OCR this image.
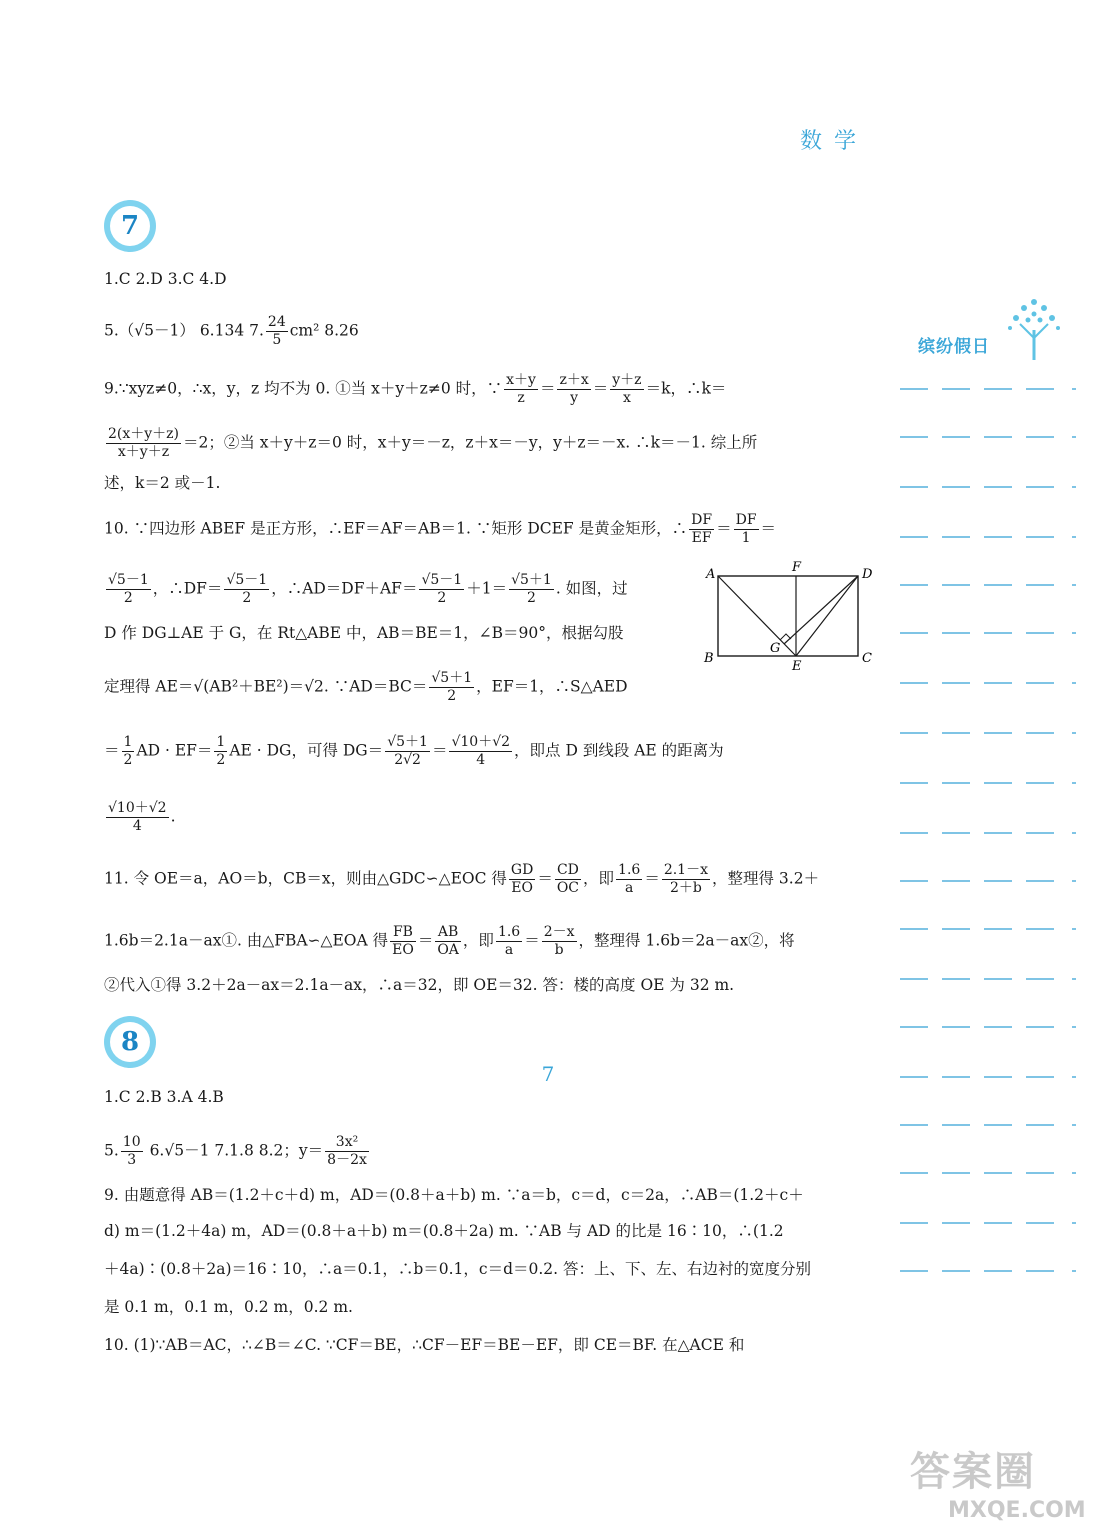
数学
缤纷假日
7
1.C 2.D 3.C 4.D
5.（√5－1） 6.134 7. $\frac{24}{5} cm^2$ 8.26
9.∵xyz≠0，∴x，y，z 均不为 0. ①当 x＋y＋z≠0 时，∵ $\frac{x+y}{z} = \frac{z+x}{y} = \frac{y+z}{x} =k$，∴k＝
$\frac{2(x+y+z)}{x+y+z} =2$；②当 x＋y＋z＝0 时，x＋y＝－z，z＋x＝－y，y＋z＝－x. ∴k＝－1. 综上所
述，k＝2 或－1.
10. ∵四边形 ABEF 是正方形，∴EF＝AF＝AB＝1. ∵矩形 DCEF 是黄金矩形，∴ $\frac{DF}{EF} = \frac{DF}{1}$ ＝
$\frac{√5-1}{2}$ ，∴DF＝ $\frac{√5-1}{2}$ ，∴AD＝DF＋AF＝ $\frac{√5-1}{2} +1= \frac{√5+1}{2}$ . 如图，过
D 作 DG⊥AE 于 G，在 Rt△ABE 中，AB＝BE＝1，∠B＝90°，根据勾股
定理得 AE＝√(AB²＋BE²)＝√2. ∵AD＝BC＝ $\frac{√5+1}{2}$ ，EF＝1，∴S△AED
A	F	D
G
B
E
C
＝ $\frac{1}{2}$ AD · $EF= \frac{1}{2}$ AE · DG，可得 $DG= \frac{√5+1}{2√2} = \frac{√10+√2}{4}$ ，即点 D 到线段 AE 的距离为
$\frac{√10+√2}{4}$ .
11. 令 OE＝a，AO＝b，CB＝x，则由△GDC∽△EOC 得 $\frac{GD}{EO} = \frac{CD}{OC}$ ，即 $\frac{1.6}{a} = \frac{2.1-x}{2+b}$ ，整理得 3.2＋
1.6b＝2.1a－ax①. 由△FBA∽△EOA 得 $\frac{FB}{EO} = \frac{AB}{OA}$ ，即 $\frac{1.6}{a} = \frac{2-x}{b}$ ，整理得 1.6b＝2a－ax②，将
②代入①得 3.2＋2a－ax＝2.1a－ax，∴a＝32，即 OE＝32. 答：楼的高度 OE 为 32 m.
8
1.C 2.B 3.A 4.B
5. $\frac{10}{3} 6.√5-1$ 7.1.8 8.2；$y= \frac{\text{3x²}}{8-2x}$
9. 由题意得 AB＝(1.2＋c＋d) m，AD＝(0.8＋a＋b) m. ∵a＝b，c＝d，c＝2a，∴AB＝(1.2＋c＋
d) m＝(1.2＋4a) m，AD＝(0.8＋a＋b) m＝(0.8＋2a) m. ∵AB 与 AD 的比是 16∶10，∴(1.2
＋4a)∶(0.8＋2a)＝16∶10，∴a＝0.1，∴b＝0.1，c＝d＝0.2. 答：上、下、左、右边衬的宽度分别
是 0.1 m，0.1 m，0.2 m，0.2 m.
10. (1)∵AB＝AC，∴∠B＝∠C. ∵CF＝BE，∴CF－EF＝BE－EF，即 CE＝BF. 在△ACE 和
7
答案圈
MXQE.COM
